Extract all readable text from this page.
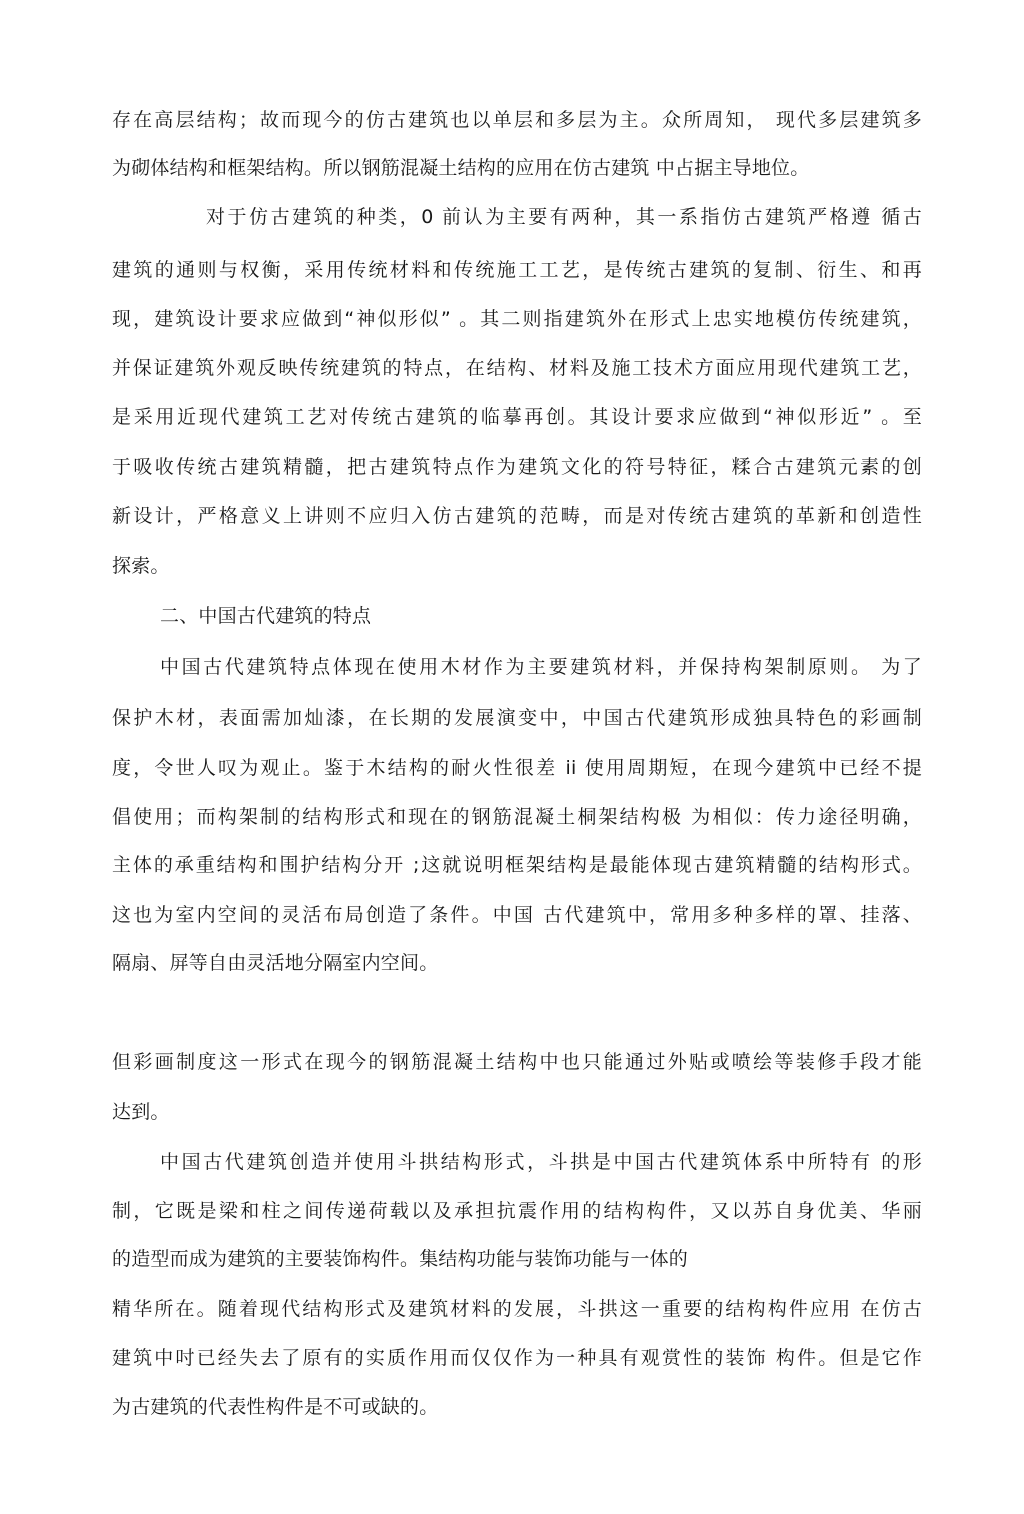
存在高层结构；故而现今的仿古建筑也以单层和多层为主。众所周知， 现代多层建筑多
为砌体结构和框架结构。所以钢筋混凝土结构的应用在仿古建筑 中占据主导地位。
对于仿古建筑的种类，0 前认为主要有两种，其一系指仿古建筑严格遵 循古
建筑的通则与权衡，采用传统材料和传统施工工艺，是传统古建筑的复制、衍生、和再
现，建筑设计要求应做到“神似形似” 。其二则指建筑外在形式上忠实地模仿传统建筑，
并保证建筑外观反映传统建筑的特点，在结构、材料及施工技术方面应用现代建筑工艺，
是采用近现代建筑工艺对传统古建筑的临摹再创。其设计要求应做到“神似形近” 。至
于吸收传统古建筑精髓，把古建筑特点作为建筑文化的符号特征，糅合古建筑元素的创
新设计，严格意义上讲则不应归入仿古建筑的范畴，而是对传统古建筑的革新和创造性
探索。
二、中国古代建筑的特点
中国古代建筑特点体现在使用木材作为主要建筑材料，并保持构架制原则。 为了
保护木材，表面需加灿漆，在长期的发展演变中，中国古代建筑形成独具特色的彩画制
度，令世人叹为观止。鉴于木结构的耐火性很差 ii 使用周期短，在现今建筑中已经不提
倡使用；而构架制的结构形式和现在的钢筋混凝土桐架结构极 为相似：传力途径明确，
主体的承重结构和围护结构分开 ;这就说明框架结构是最能体现古建筑精髓的结构形式。
这也为室内空间的灵活布局创造了条件。中国 古代建筑中，常用多种多样的罩、挂落、
隔扇、屏等自由灵活地分隔室内空间。
但彩画制度这一形式在现今的钢筋混凝土结构中也只能通过外贴或喷绘等装修手段才能
达到。
中国古代建筑创造并使用斗拱结构形式，斗拱是中国古代建筑体系中所特有 的形
制，它既是梁和柱之间传递荷载以及承担抗震作用的结构构件，又以苏自身优美、华丽
的造型而成为建筑的主要装饰构件。集结构功能与装饰功能与一体的
精华所在。随着现代结构形式及建筑材料的发展，斗拱这一重要的结构构件应用 在仿古
建筑中吋已经失去了原有的实质作用而仅仅作为一种具有观赏性的装饰 构件。但是它作
为古建筑的代表性构件是不可或缺的。
